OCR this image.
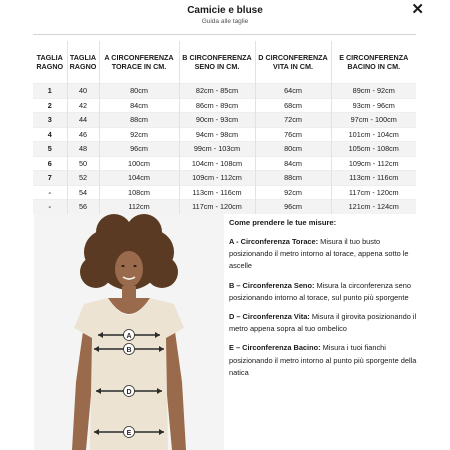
Camicie e bluse
Guida alle taglie
✕
TAGLIA RAGNO	TAGLIA RAGNO	A CIRCONFERENZA TORACE IN CM.	B CIRCONFERENZA SENO IN CM.	D CIRCONFERENZA VITA IN CM.	E CIRCONFERENZA BACINO IN CM.
1	40	80cm	82cm - 85cm	64cm	89cm - 92cm
2	42	84cm	86cm - 89cm	68cm	93cm - 96cm
3	44	88cm	90cm - 93cm	72cm	97cm - 100cm
4	46	92cm	94cm - 98cm	76cm	101cm - 104cm
5	48	96cm	99cm - 103cm	80cm	105cm - 108cm
6	50	100cm	104cm - 108cm	84cm	109cm - 112cm
7	52	104cm	109cm - 112cm	88cm	113cm - 116cm
-	54	108cm	113cm - 116cm	92cm	117cm - 120cm
-	56	112cm	117cm - 120cm	96cm	121cm - 124cm
A
B
D
E
Come prendere le tue misure:
A - Circonferenza Torace: Misura il tuo busto posizionando il metro intorno al torace, appena sotto le ascelle
B – Circonferenza Seno: Misura la circonferenza seno posizionando intorno al torace, sul punto più sporgente
D – Circonferenza Vita: Misura il girovita posizionando il metro appena sopra al tuo ombelico
E – Circonferenza Bacino: Misura i tuoi fianchi posizionando il metro intorno al punto più sporgente della natica
